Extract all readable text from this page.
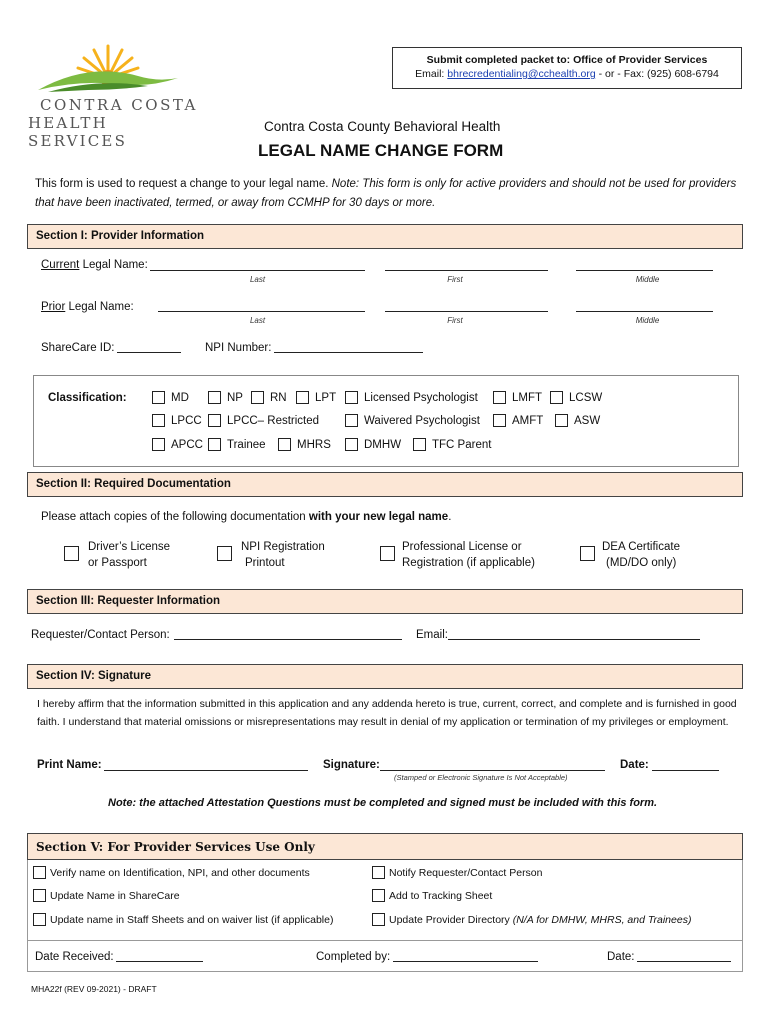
CONTRA COSTA
HEALTH SERVICES
Submit completed packet to: Office of Provider Services
Email: bhrecredentialing@cchealth.org - or - Fax: (925) 608-6794
Contra Costa County Behavioral Health
LEGAL NAME CHANGE FORM
This form is used to request a change to your legal name. Note: This form is only for active providers and should not be used for providers that have been inactivated, termed, or away from CCMHP for 30 days or more.
Section I: Provider Information
Current Legal Name:
Last	First	Middle
Prior Legal Name:
Last	First	Middle
ShareCare ID:	NPI Number:
Classification:	MD	NP RN LPT Licensed Psychologist	LMFT LCSW
LPCC LPCC– Restricted	Waivered Psychologist	AMFT	ASW
APCC Trainee	MHRS	DMHW	TFC Parent
Section II: Required Documentation
Please attach copies of the following documentation with your new legal name.
Driver’s License
or Passport
NPI Registration
Printout
Professional License or
Registration (if applicable)
DEA Certificate
(MD/DO only)
Section III: Requester Information
Requester/Contact Person:	Email:
Section IV: Signature
I hereby affirm that the information submitted in this application and any addenda hereto is true, current, correct, and complete and is furnished in good faith. I understand that material omissions or misrepresentations may result in denial of my application or termination of my privileges or employment.
Print Name:	Signature:
(Stamped or Electronic Signature Is Not Acceptable)
Date:
Note: the attached Attestation Questions must be completed and signed must be included with this form.
Section V: For Provider Services Use Only
Verify name on Identification, NPI, and other documents	Notify Requester/Contact Person
Update Name in ShareCare	Add to Tracking Sheet
Update name in Staff Sheets and on waiver list (if applicable)	Update Provider Directory (N/A for DMHW, MHRS, and Trainees)
Date Received:	Completed by:	Date:
MHA22f (REV 09-2021) - DRAFT
